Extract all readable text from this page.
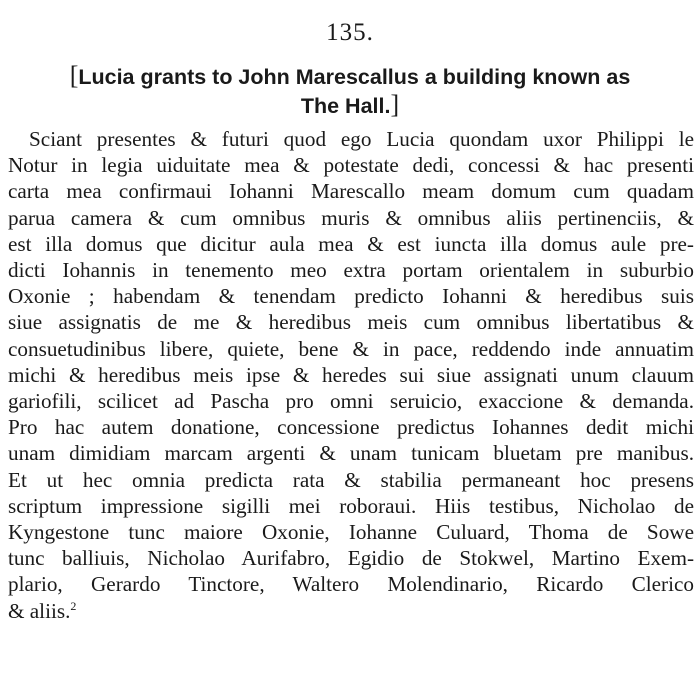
135.
[Lucia grants to John Marescallus a building known as
The Hall.]
Sciant presentes & futuri quod ego Lucia quondam uxor Philippi le
Notur in legia uiduitate mea & potestate dedi, concessi & hac presenti
carta mea confirmaui Iohanni Marescallo meam domum cum quadam
parua camera & cum omnibus muris & omnibus aliis pertinenciis, &
est illa domus que dicitur aula mea & est iuncta illa domus aule pre-
dicti Iohannis in tenemento meo extra portam orientalem in suburbio
Oxonie ; habendam & tenendam predicto Iohanni & heredibus suis
siue assignatis de me & heredibus meis cum omnibus libertatibus &
consuetudinibus libere, quiete, bene & in pace, reddendo inde annuatim
michi & heredibus meis ipse & heredes sui siue assignati unum clauum
gariofili, scilicet ad Pascha pro omni seruicio, exaccione & demanda.
Pro hac autem donatione, concessione predictus Iohannes dedit michi
unam dimidiam marcam argenti & unam tunicam bluetam pre manibus.
Et ut hec omnia predicta rata & stabilia permaneant hoc presens
scriptum impressione sigilli mei roboraui. Hiis testibus, Nicholao de
Kyngestone tunc maiore Oxonie, Iohanne Culuard, Thoma de Sowe
tunc balliuis, Nicholao Aurifabro, Egidio de Stokwel, Martino Exem-
plario, Gerardo Tinctore, Waltero Molendinario, Ricardo Clerico
& aliis.$^2$
